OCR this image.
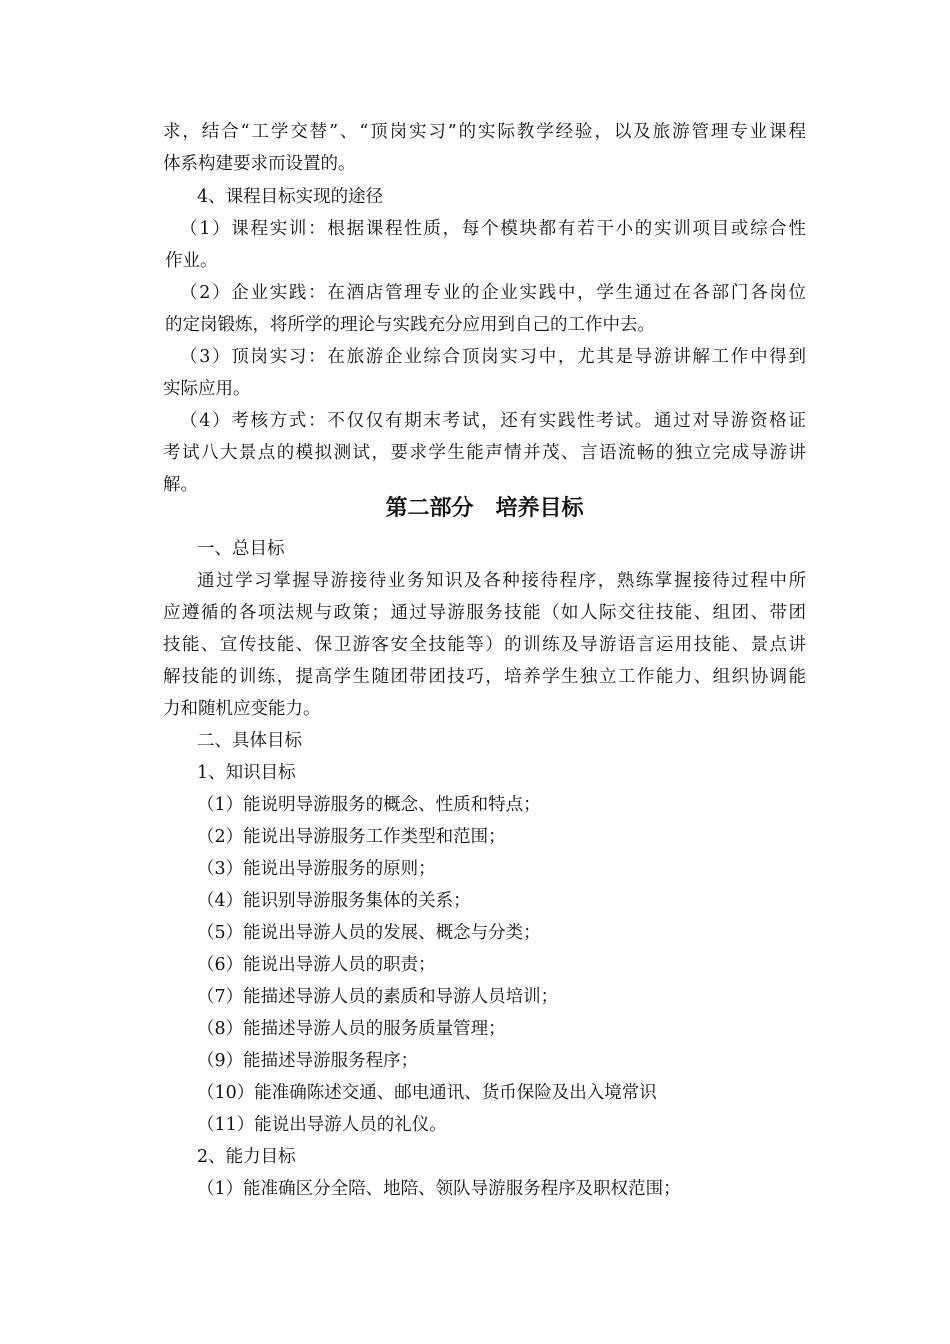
求，结合“工学交替”、“顶岗实习”的实际教学经验，以及旅游管理专业课程
体系构建要求而设置的。
4、课程目标实现的途径
（1）课程实训：根据课程性质，每个模块都有若干小的实训项目或综合性
作业。
（2）企业实践：在酒店管理专业的企业实践中，学生通过在各部门各岗位
的定岗锻炼，将所学的理论与实践充分应用到自己的工作中去。
（3）顶岗实习：在旅游企业综合顶岗实习中，尤其是导游讲解工作中得到
实际应用。
（4）考核方式：不仅仅有期末考试，还有实践性考试。通过对导游资格证
考试八大景点的模拟测试，要求学生能声情并茂、言语流畅的独立完成导游讲
解。
第二部分　培养目标
一、总目标
通过学习掌握导游接待业务知识及各种接待程序，熟练掌握接待过程中所
应遵循的各项法规与政策；通过导游服务技能（如人际交往技能、组团、带团
技能、宣传技能、保卫游客安全技能等）的训练及导游语言运用技能、景点讲
解技能的训练，提高学生随团带团技巧，培养学生独立工作能力、组织协调能
力和随机应变能力。
二、具体目标
1、知识目标
（1）能说明导游服务的概念、性质和特点；
（2）能说出导游服务工作类型和范围；
（3）能说出导游服务的原则；
（4）能识别导游服务集体的关系；
（5）能说出导游人员的发展、概念与分类；
（6）能说出导游人员的职责；
（7）能描述导游人员的素质和导游人员培训；
（8）能描述导游人员的服务质量管理；
（9）能描述导游服务程序；
（10）能准确陈述交通、邮电通讯、货币保险及出入境常识
（11）能说出导游人员的礼仪。
2、能力目标
（1）能准确区分全陪、地陪、领队导游服务程序及职权范围；
